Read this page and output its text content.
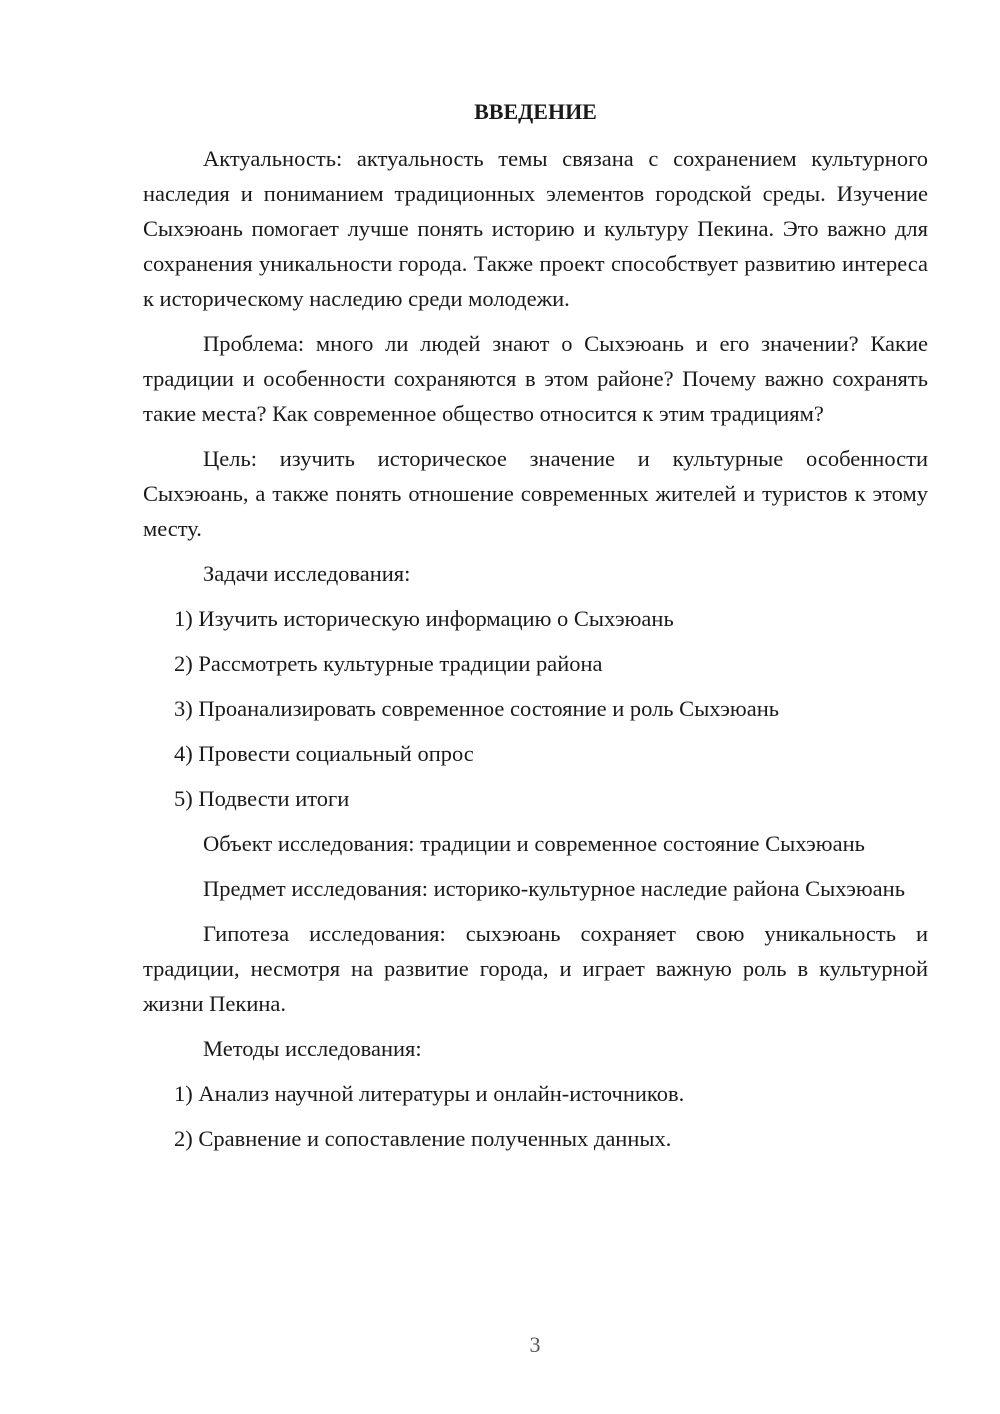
ВВЕДЕНИЕ

Актуальность: актуальность темы связана с сохранением культурного наследия и пониманием традиционных элементов городской среды. Изучение Сыхэюань помогает лучше понять историю и культуру Пекина. Это важно для сохранения уникальности города. Также проект способствует развитию интереса к историческому наследию среди молодежи.

Проблема: много ли людей знают о Сыхэюань и его значении? Какие традиции и особенности сохраняются в этом районе? Почему важно сохранять такие места? Как современное общество относится к этим традициям?

Цель: изучить историческое значение и культурные особенности Сыхэюань, а также понять отношение современных жителей и туристов к этому месту.

Задачи исследования:

1) Изучить историческую информацию о Сыхэюань

2) Рассмотреть культурные традиции района

3) Проанализировать современное состояние и роль Сыхэюань

4) Провести социальный опрос

5) Подвести итоги

Объект исследования: традиции и современное состояние Сыхэюань

Предмет исследования: историко-культурное наследие района Сыхэюань

Гипотеза исследования: сыхэюань сохраняет свою уникальность и традиции, несмотря на развитие города, и играет важную роль в культурной жизни Пекина.

Методы исследования:

1) Анализ научной литературы и онлайн-источников.

2) Сравнение и сопоставление полученных данных.

3
